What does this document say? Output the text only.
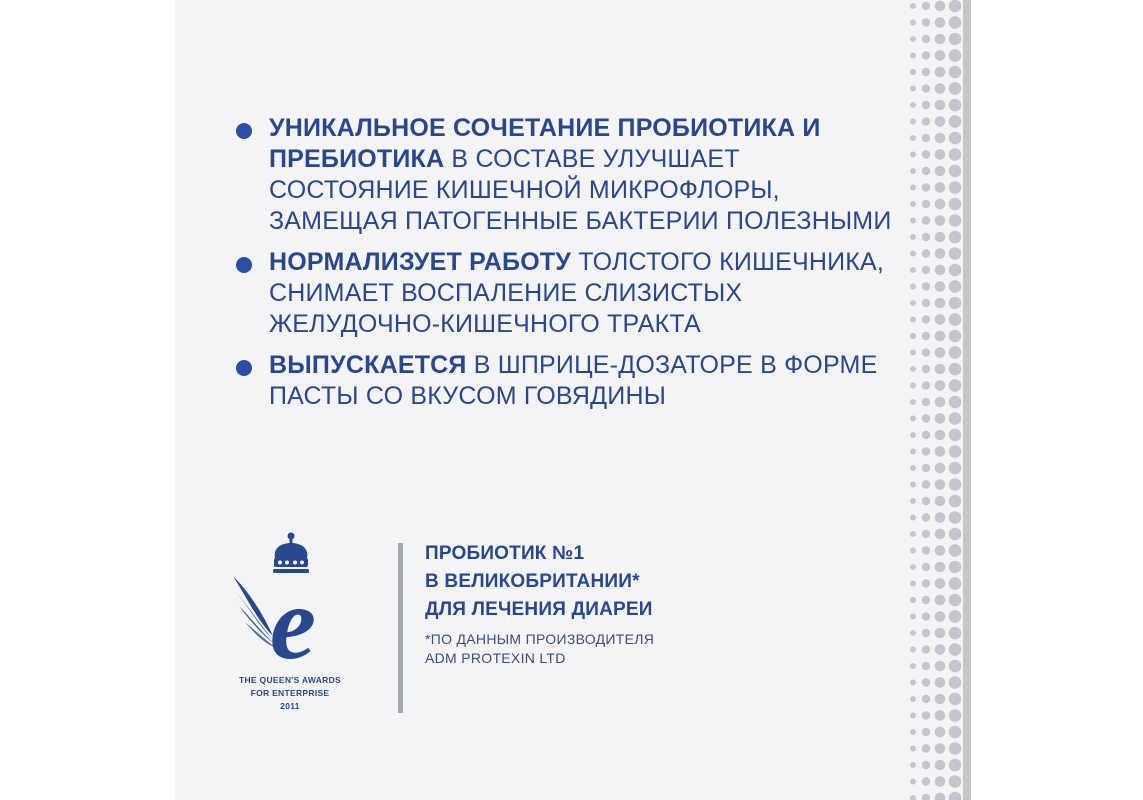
УНИКАЛЬНОЕ СОЧЕТАНИЕ ПРОБИОТИКА И ПРЕБИОТИКА В СОСТАВЕ УЛУЧШАЕТ СОСТОЯНИЕ КИШЕЧНОЙ МИКРОФЛОРЫ, ЗАМЕЩАЯ ПАТОГЕННЫЕ БАКТЕРИИ ПОЛЕЗНЫМИ
НОРМАЛИЗУЕТ РАБОТУ ТОЛСТОГО КИШЕЧНИКА, СНИМАЕТ ВОСПАЛЕНИЕ СЛИЗИСТЫХ ЖЕЛУДОЧНО-КИШЕЧНОГО ТРАКТА
ВЫПУСКАЕТСЯ В ШПРИЦЕ-ДОЗАТОРЕ В ФОРМЕ ПАСТЫ СО ВКУСОМ ГОВЯДИНЫ
e
THE QUEEN'S AWARDS
FOR ENTERPRISE
2011
ПРОБИОТИК №1
В ВЕЛИКОБРИТАНИИ*
ДЛЯ ЛЕЧЕНИЯ ДИАРЕИ
*ПО ДАННЫМ ПРОИЗВОДИТЕЛЯ
ADM PROTEXIN LTD
